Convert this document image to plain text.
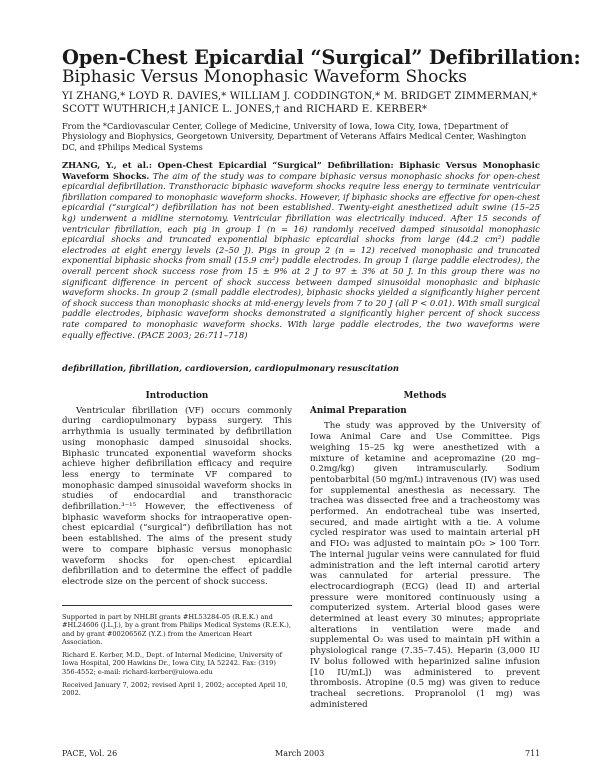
Open-Chest Epicardial “Surgical” Defibrillation:
Biphasic Versus Monophasic Waveform Shocks
YI ZHANG,* LOYD R. DAVIES,* WILLIAM J. CODDINGTON,* M. BRIDGET ZIMMERMAN,* SCOTT WUTHRICH,‡ JANICE L. JONES,† and RICHARD E. KERBER*
From the *Cardiovascular Center, College of Medicine, University of Iowa, Iowa City, Iowa, †Department of Physiology and Biophysics, Georgetown University, Department of Veterans Affairs Medical Center, Washington DC, and ‡Philips Medical Systems
ZHANG, Y., et al.: Open-Chest Epicardial “Surgical” Defibrillation: Biphasic Versus Monophasic Waveform Shocks. The aim of the study was to compare biphasic versus monophasic shocks for open-chest epicardial defibrillation. Transthoracic biphasic waveform shocks require less energy to terminate ventricular fibrillation compared to monophasic waveform shocks. However, if biphasic shocks are effective for open-chest epicardial (“surgical”) defibrillation has not been established. Twenty-eight anesthetized adult swine (15–25 kg) underwent a midline sternotomy. Ventricular fibrillation was electrically induced. After 15 seconds of ventricular fibrillation, each pig in group 1 (n = 16) randomly received damped sinusoidal monophasic epicardial shocks and truncated exponential biphasic epicardial shocks from large (44.2 cm²) paddle electrodes at eight energy levels (2–50 J). Pigs in group 2 (n = 12) received monophasic and truncated exponential biphasic shocks from small (15.9 cm²) paddle electrodes. In group 1 (large paddle electrodes), the overall percent shock success rose from 15 ± 9% at 2 J to 97 ± 3% at 50 J. In this group there was no significant difference in percent of shock success between damped sinusoidal monophasic and biphasic waveform shocks. In group 2 (small paddle electrodes), biphasic shocks yielded a significantly higher percent of shock success than monophasic shocks at mid-energy levels from 7 to 20 J (all P < 0.01). With small surgical paddle electrodes, biphasic waveform shocks demonstrated a significantly higher percent of shock success rate compared to monophasic waveform shocks. With large paddle electrodes, the two waveforms were equally effective. (PACE 2003; 26:711–718)
defibrillation, fibrillation, cardioversion, cardiopulmonary resuscitation
Introduction

Ventricular fibrillation (VF) occurs commonly during cardiopulmonary bypass surgery. This arrhythmia is usually terminated by defibrillation using monophasic damped sinusoidal shocks. Biphasic truncated exponential waveform shocks achieve higher defibrillation efficacy and require less energy to terminate VF compared to monophasic damped sinusoidal waveform shocks in studies of endocardial and transthoracic defibrillation.³⁻¹⁵ However, the effectiveness of biphasic waveform shocks for intraoperative open-chest epicardial (“surgical”) defibrillation has not been established. The aims of the present study were to compare biphasic versus monophasic waveform shocks for open-chest epicardial defibrillation and to determine the effect of paddle electrode size on the percent of shock success.

Supported in part by NHLBI grants #HL53284-05 (R.E.K.) and #HL24606 (J.L.J.), by a grant from Philips Medical Systems (R.E.K.), and by grant #0020656Z (Y.Z.) from the American Heart Association.

Richard E. Kerber, M.D., Dept. of Internal Medicine, University of Iowa Hospital, 200 Hawkins Dr., Iowa City, IA 52242. Fax: (319) 356-4552; e-mail: richard-kerber@uiowa.edu

Received January 7, 2002; revised April 1, 2002; accepted April 10, 2002.

Methods
Animal Preparation

The study was approved by the University of Iowa Animal Care and Use Committee. Pigs weighing 15–25 kg were anesthetized with a mixture of ketamine and acepromazine (20 mg–0.2mg/kg) given intramuscularly. Sodium pentobarbital (50 mg/mL) intravenous (IV) was used for supplemental anesthesia as necessary. The trachea was dissected free and a tracheostomy was performed. An endotracheal tube was inserted, secured, and made airtight with a tie. A volume cycled respirator was used to maintain arterial pH and FIO₂ was adjusted to maintain pO₂ > 100 Torr. The internal jugular veins were cannulated for fluid administration and the left internal carotid artery was cannulated for arterial pressure. The electrocardiograph (ECG) (lead II) and arterial pressure were monitored continuously using a computerized system. Arterial blood gases were determined at least every 30 minutes; appropriate alterations in ventilation were made and supplemental O₂ was used to maintain pH within a physiological range (7.35–7.45). Heparin (3,000 IU IV bolus followed with heparinized saline infusion [10 IU/mL]) was administered to prevent thrombosis. Atropine (0.5 mg) was given to reduce tracheal secretions. Propranolol (1 mg) was administered

PACE, Vol. 26	March 2003	711
